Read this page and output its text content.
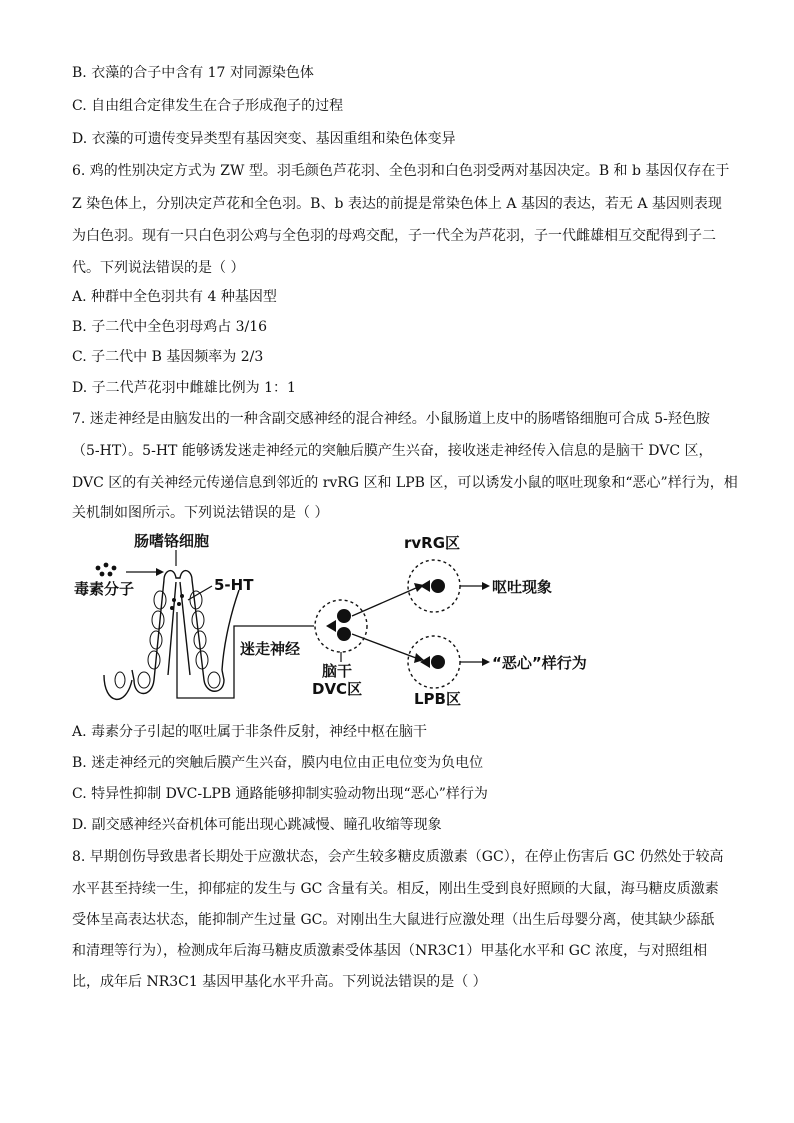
B. 衣藻的合子中含有 17 对同源染色体
C. 自由组合定律发生在合子形成孢子的过程
D. 衣藻的可遗传变异类型有基因突变、基因重组和染色体变异
6. 鸡的性别决定方式为 ZW 型。羽毛颜色芦花羽、全色羽和白色羽受两对基因决定。B 和 b 基因仅存在于
Z 染色体上，分别决定芦花和全色羽。B、b 表达的前提是常染色体上 A 基因的表达，若无 A 基因则表现
为白色羽。现有一只白色羽公鸡与全色羽的母鸡交配，子一代全为芦花羽，子一代雌雄相互交配得到子二
代。下列说法错误的是（ ）
A. 种群中全色羽共有 4 种基因型
B. 子二代中全色羽母鸡占 3/16
C. 子二代中 B 基因频率为 2/3
D. 子二代芦花羽中雌雄比例为 1：1
7. 迷走神经是由脑发出的一种含副交感神经的混合神经。小鼠肠道上皮中的肠嗜铬细胞可合成 5-羟色胺
（5-HT）。5-HT 能够诱发迷走神经元的突触后膜产生兴奋，接收迷走神经传入信息的是脑干 DVC 区，
DVC 区的有关神经元传递信息到邻近的 rvRG 区和 LPB 区，可以诱发小鼠的呕吐现象和“恶心”样行为，相
关机制如图所示。下列说法错误的是（ ）
肠嗜铬细胞
毒素分子	5-HT
迷走神经
脑干
DVC区
rvRG区
呕吐现象
LPB区
“恶心”样行为
A. 毒素分子引起的呕吐属于非条件反射，神经中枢在脑干
B. 迷走神经元的突触后膜产生兴奋，膜内电位由正电位变为负电位
C. 特异性抑制 DVC-LPB 通路能够抑制实验动物出现“恶心”样行为
D. 副交感神经兴奋机体可能出现心跳减慢、瞳孔收缩等现象
8. 早期创伤导致患者长期处于应激状态，会产生较多糖皮质激素（GC），在停止伤害后 GC 仍然处于较高
水平甚至持续一生，抑郁症的发生与 GC 含量有关。相反，刚出生受到良好照顾的大鼠，海马糖皮质激素
受体呈高表达状态，能抑制产生过量 GC。对刚出生大鼠进行应激处理（出生后母婴分离，使其缺少舔舐
和清理等行为），检测成年后海马糖皮质激素受体基因（NR3C1）甲基化水平和 GC 浓度，与对照组相
比，成年后 NR3C1 基因甲基化水平升高。下列说法错误的是（ ）
